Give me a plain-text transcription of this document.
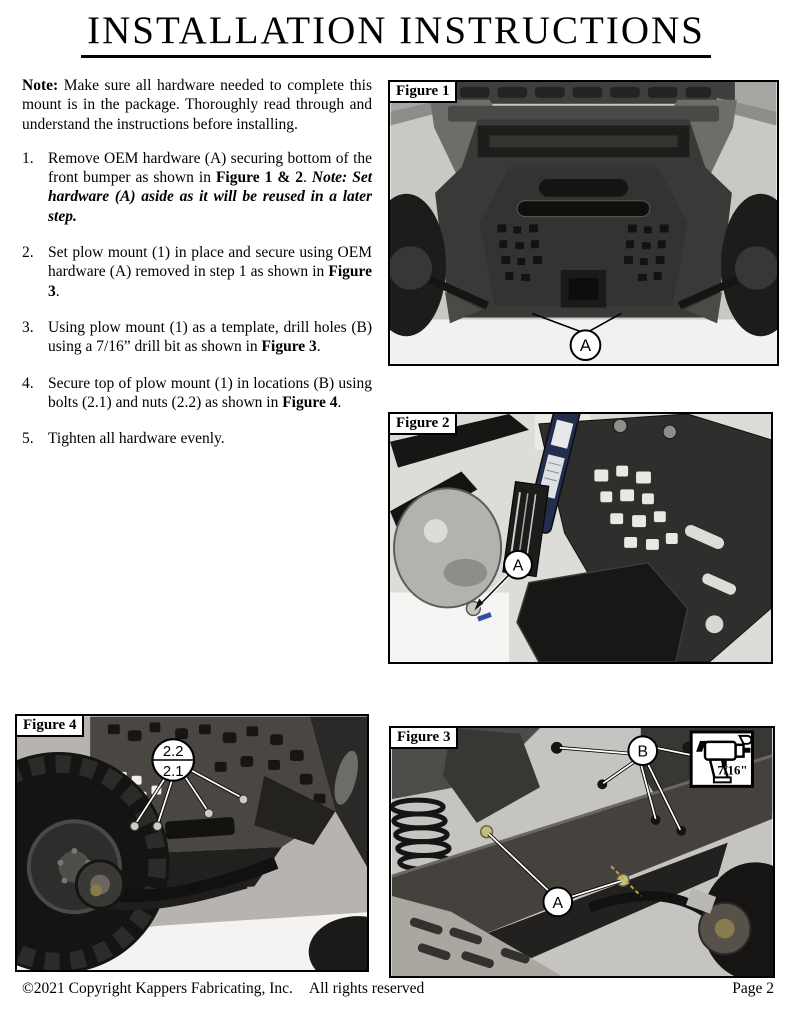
INSTALLATION INSTRUCTIONS

Note: Make sure all hardware needed to complete this mount is in the package. Thoroughly read through and understand the instructions before installing.

1. Remove OEM hardware (A) securing bottom of the front bumper as shown in Figure 1 & 2. Note: Set hardware (A) aside as it will be reused in a later step.
2. Set plow mount (1) in place and secure using OEM hardware (A) removed in step 1 as shown in Figure 3.
3. Using plow mount (1) as a template, drill holes (B) using a 7/16” drill bit as shown in Figure 3.
4. Secure top of plow mount (1) in locations (B) using bolts (2.1) and nuts (2.2) as shown in Figure 4.
5. Tighten all hardware evenly.
Figure 1
A
Figure 2
A
Figure 4
2.2
2.1
Figure 3
B
A
7/16"
©2021 Copyright Kappers Fabricating, Inc. All rights reserved	Page 2
